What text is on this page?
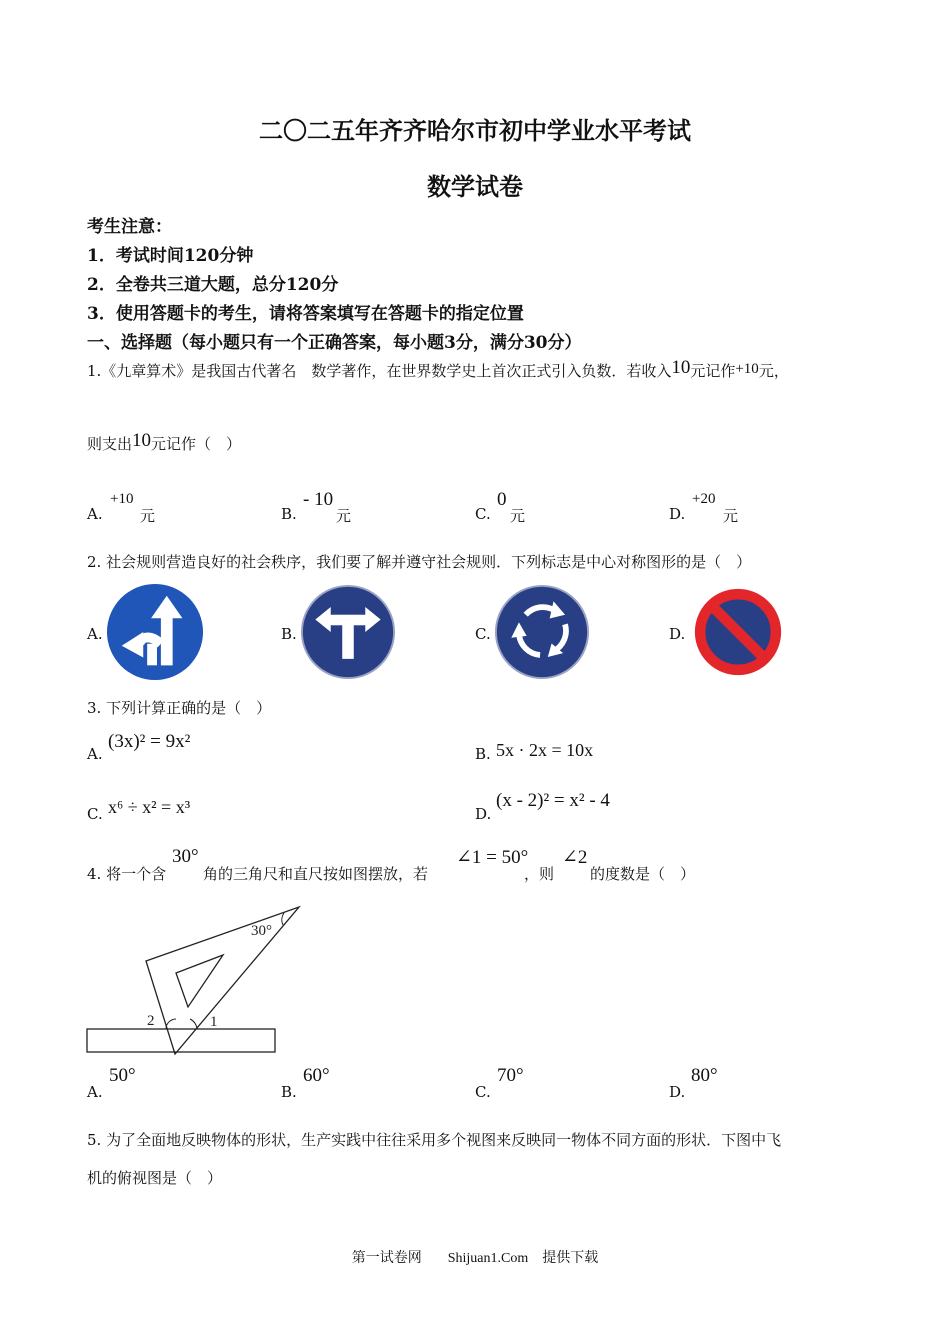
二〇二五年齐齐哈尔市初中学业水平考试
数学试卷
考生注意：
1．考试时间120分钟
2．全卷共三道大题，总分120分
3．使用答题卡的考生，请将答案填写在答题卡的指定位置
一、选择题（每小题只有一个正确答案，每小题3分，满分30分）
1.《九章算术》是我国古代著名　数学著作，在世界数学史上首次正式引入负数．若收入10元记作+10元，
则支出10元记作（　）
A.
+10
元	B.
- 10
元	C.
0
元	D.
+20
元
2. 社会规则营造良好的社会秩序，我们要了解并遵守社会规则．下列标志是中心对称图形的是（　）
A.	B.	C.	D.
3. 下列计算正确的是（　）
A.
(3x)² = 9x²
B. 5x · 2x = 10x
C. x⁶ ÷ x² = x³	D.
(x - 2)² = x² - 4
4. 将一个含
30°
角的三角尺和直尺按如图摆放，若
∠1 = 50°
，则
∠2
的度数是（　）
30°
2	1
A.
50°
B.
60°
C.
70°
D.
80°
5. 为了全面地反映物体的形状，生产实践中往往采用多个视图来反映同一物体不同方面的形状．下图中飞
机的俯视图是（　）
第一试卷网 Shijuan1.Com 提供下载
